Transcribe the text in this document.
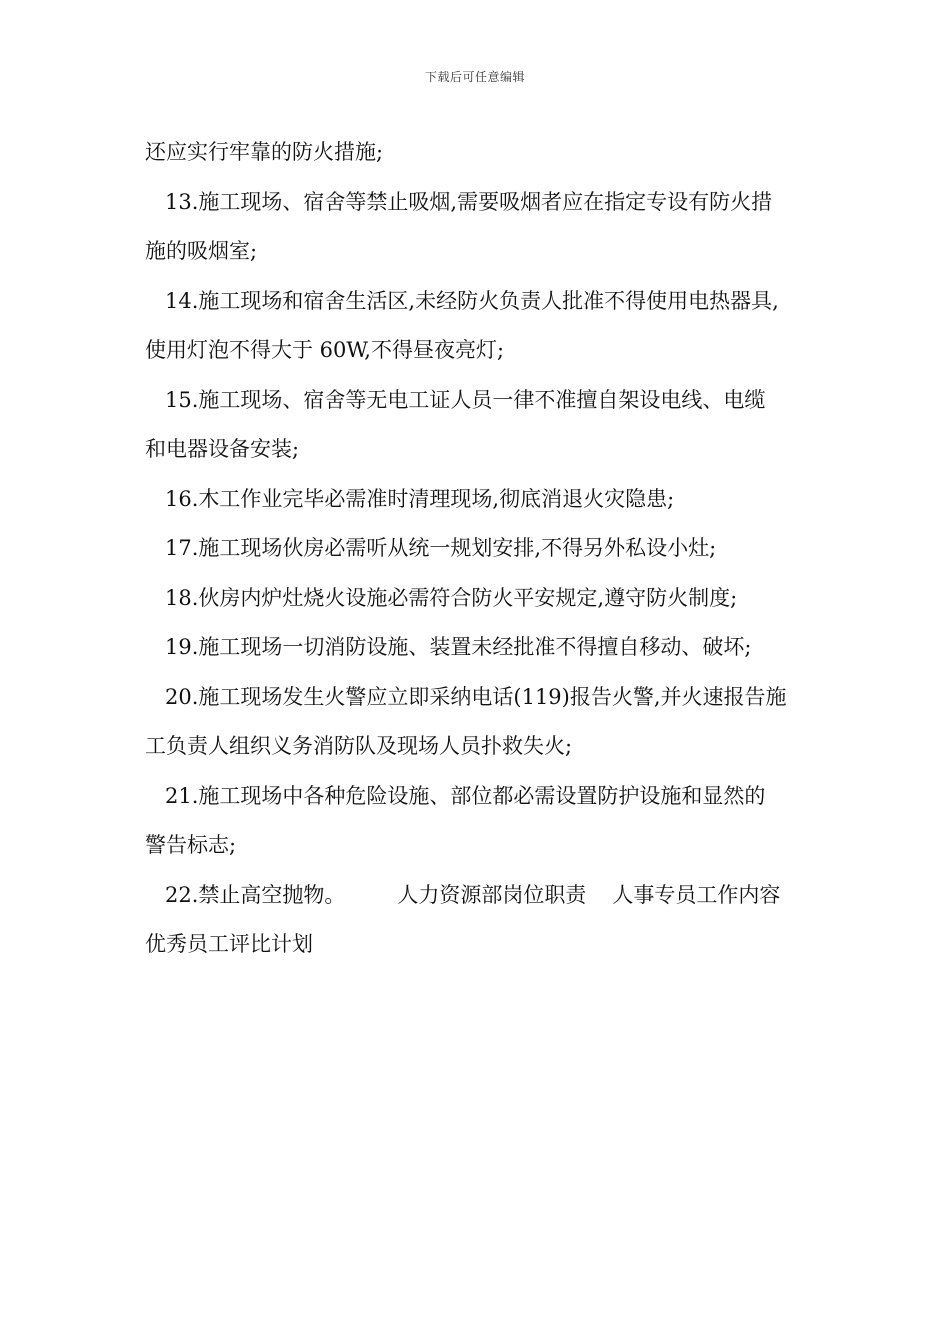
下载后可任意编辑
还应实行牢靠的防火措施;
13.施工现场、宿舍等禁止吸烟,需要吸烟者应在指定专设有防火措
施的吸烟室;
14.施工现场和宿舍生活区,未经防火负责人批准不得使用电热器具,
使用灯泡不得大于 60W,不得昼夜亮灯;
15.施工现场、宿舍等无电工证人员一律不准擅自架设电线、电缆
和电器设备安装;
16.木工作业完毕必需准时清理现场,彻底消退火灾隐患;
17.施工现场伙房必需听从统一规划安排,不得另外私设小灶;
18.伙房内炉灶烧火设施必需符合防火平安规定,遵守防火制度;
19.施工现场一切消防设施、装置未经批准不得擅自移动、破坏;
20.施工现场发生火警应立即采纳电话(119)报告火警,并火速报告施
工负责人组织义务消防队及现场人员扑救失火;
21.施工现场中各种危险设施、部位都必需设置防护设施和显然的
警告标志;
22.禁止高空抛物。 人力资源部岗位职责 人事专员工作内容
优秀员工评比计划
